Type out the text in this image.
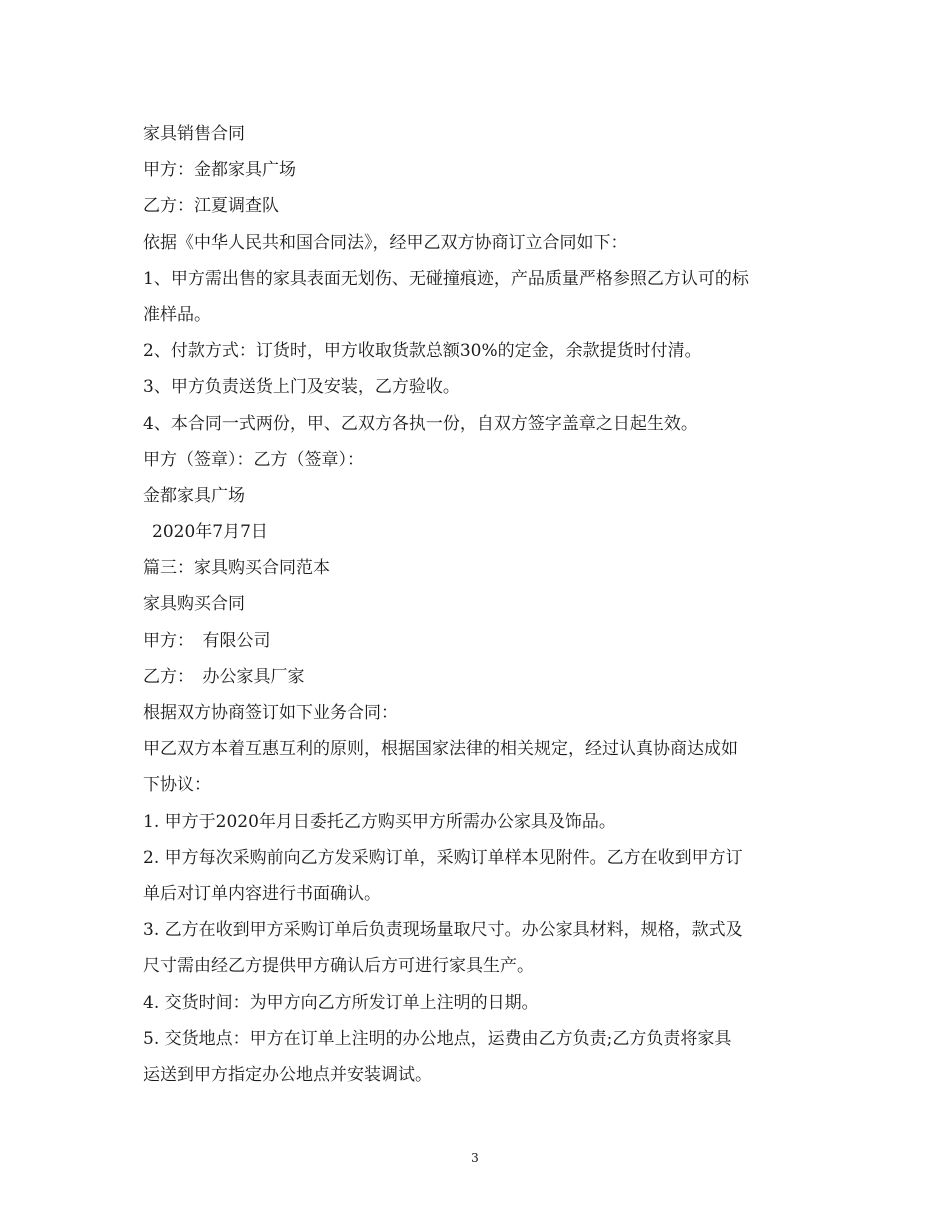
家具销售合同
甲方：金都家具广场
乙方：江夏调查队
依据《中华人民共和国合同法》，经甲乙双方协商订立合同如下：
1、甲方需出售的家具表面无划伤、无碰撞痕迹，产品质量严格参照乙方认可的标
准样品。
2、付款方式：订货时，甲方收取货款总额30%的定金，余款提货时付清。
3、甲方负责送货上门及安装，乙方验收。
4、本合同一式两份，甲、乙双方各执一份，自双方签字盖章之日起生效。
甲方（签章）：乙方（签章）：
金都家具广场
2020年7月7日
篇三：家具购买合同范本
家具购买合同
甲方：　有限公司
乙方：　办公家具厂家
根据双方协商签订如下业务合同：
甲乙双方本着互惠互利的原则，根据国家法律的相关规定，经过认真协商达成如
下协议：
1. 甲方于2020年月日委托乙方购买甲方所需办公家具及饰品。
2. 甲方每次采购前向乙方发采购订单，采购订单样本见附件。乙方在收到甲方订
单后对订单内容进行书面确认。
3. 乙方在收到甲方采购订单后负责现场量取尺寸。办公家具材料，规格，款式及
尺寸需由经乙方提供甲方确认后方可进行家具生产。
4. 交货时间：为甲方向乙方所发订单上注明的日期。
5. 交货地点：甲方在订单上注明的办公地点，运费由乙方负责;乙方负责将家具
运送到甲方指定办公地点并安装调试。
3
